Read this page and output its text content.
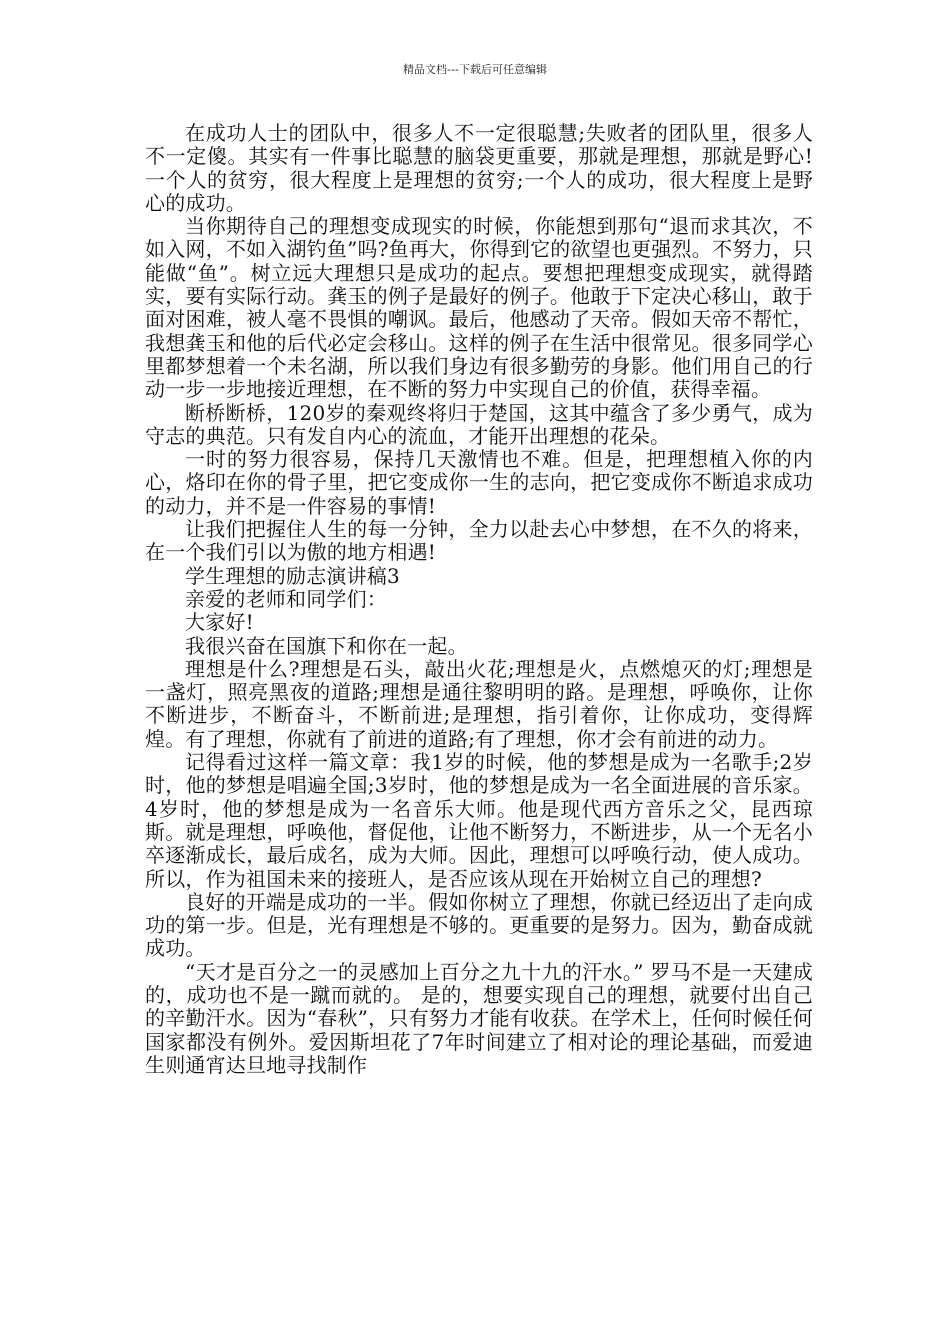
精品文档---下载后可任意编辑

在成功人士的团队中，很多人不一定很聪慧;失败者的团队里，很多人不一定傻。其实有一件事比聪慧的脑袋更重要，那就是理想，那就是野心!一个人的贫穷，很大程度上是理想的贫穷;一个人的成功，很大程度上是野心的成功。

当你期待自己的理想变成现实的时候，你能想到那句“退而求其次，不如入网，不如入湖钓鱼”吗?鱼再大，你得到它的欲望也更强烈。不努力，只能做“鱼”。树立远大理想只是成功的起点。要想把理想变成现实，就得踏实，要有实际行动。龚玉的例子是最好的例子。他敢于下定决心移山，敢于面对困难，被人毫不畏惧的嘲讽。最后，他感动了天帝。假如天帝不帮忙，我想龚玉和他的后代必定会移山。这样的例子在生活中很常见。很多同学心里都梦想着一个未名湖，所以我们身边有很多勤劳的身影。他们用自己的行动一步一步地接近理想，在不断的努力中实现自己的价值，获得幸福。

断桥断桥，120岁的秦观终将归于楚国，这其中蕴含了多少勇气，成为守志的典范。只有发自内心的流血，才能开出理想的花朵。

一时的努力很容易，保持几天激情也不难。但是，把理想植入你的内心，烙印在你的骨子里，把它变成你一生的志向，把它变成你不断追求成功的动力，并不是一件容易的事情!

让我们把握住人生的每一分钟，全力以赴去心中梦想，在不久的将来，在一个我们引以为傲的地方相遇!

学生理想的励志演讲稿3

亲爱的老师和同学们：

大家好!

我很兴奋在国旗下和你在一起。

理想是什么?理想是石头，敲出火花;理想是火，点燃熄灭的灯;理想是一盏灯，照亮黑夜的道路;理想是通往黎明明的路。是理想，呼唤你，让你不断进步，不断奋斗，不断前进;是理想，指引着你，让你成功，变得辉煌。有了理想，你就有了前进的道路;有了理想，你才会有前进的动力。

记得看过这样一篇文章：我1岁的时候，他的梦想是成为一名歌手;2岁时，他的梦想是唱遍全国;3岁时，他的梦想是成为一名全面进展的音乐家。4岁时，他的梦想是成为一名音乐大师。他是现代西方音乐之父，昆西琼斯。就是理想，呼唤他，督促他，让他不断努力，不断进步，从一个无名小卒逐渐成长，最后成名，成为大师。因此，理想可以呼唤行动，使人成功。所以，作为祖国未来的接班人，是否应该从现在开始树立自己的理想?

良好的开端是成功的一半。假如你树立了理想，你就已经迈出了走向成功的第一步。但是，光有理想是不够的。更重要的是努力。因为，勤奋成就成功。

“天才是百分之一的灵感加上百分之九十九的汗水。” 罗马不是一天建成的，成功也不是一蹴而就的。 是的，想要实现自己的理想，就要付出自己的辛勤汗水。因为“春秋”，只有努力才能有收获。在学术上，任何时候任何国家都没有例外。爱因斯坦花了7年时间建立了相对论的理论基础，而爱迪生则通宵达旦地寻找制作
